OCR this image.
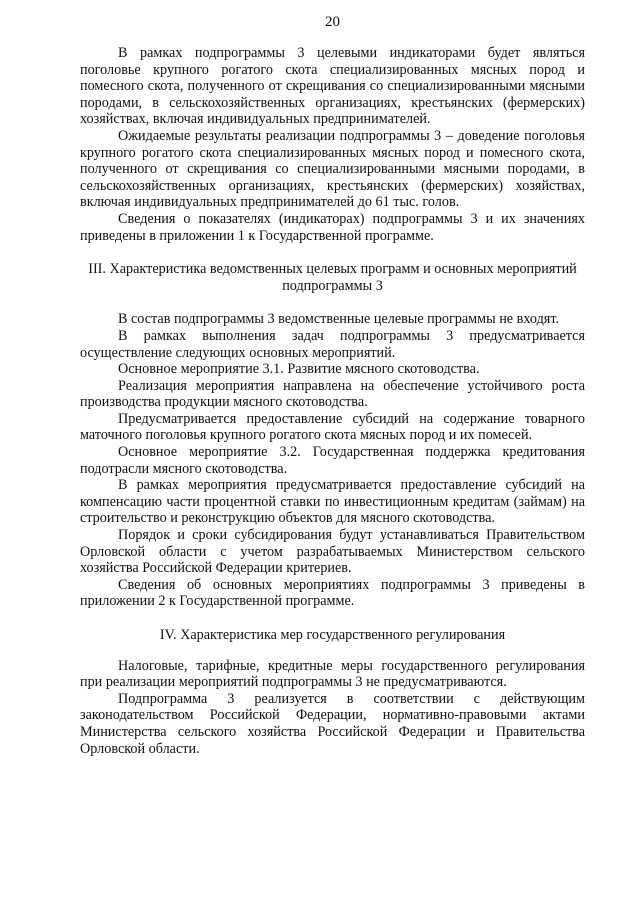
20

В рамках подпрограммы 3 целевыми индикаторами будет являться поголовье крупного рогатого скота специализированных мясных пород и помесного скота, полученного от скрещивания со специализированными мясными породами, в сельскохозяйственных организациях, крестьянских (фермерских) хозяйствах, включая индивидуальных предпринимателей.

Ожидаемые результаты реализации подпрограммы 3 – доведение поголовья крупного рогатого скота специализированных мясных пород и помесного скота, полученного от скрещивания со специализированными мясными породами, в сельскохозяйственных организациях, крестьянских (фермерских) хозяйствах, включая индивидуальных предпринимателей до 61 тыс. голов.

Сведения о показателях (индикаторах) подпрограммы 3 и их значениях приведены в приложении 1 к Государственной программе.

III. Характеристика ведомственных целевых программ и основных мероприятий подпрограммы 3

В состав подпрограммы 3 ведомственные целевые программы не входят.

В рамках выполнения задач подпрограммы 3 предусматривается осуществление следующих основных мероприятий.

Основное мероприятие 3.1. Развитие мясного скотоводства.

Реализация мероприятия направлена на обеспечение устойчивого роста производства продукции мясного скотоводства.

Предусматривается предоставление субсидий на содержание товарного маточного поголовья крупного рогатого скота мясных пород и их помесей.

Основное мероприятие 3.2. Государственная поддержка кредитования подотрасли мясного скотоводства.

В рамках мероприятия предусматривается предоставление субсидий на компенсацию части процентной ставки по инвестиционным кредитам (займам) на строительство и реконструкцию объектов для мясного скотоводства.

Порядок и сроки субсидирования будут устанавливаться Правительством Орловской области с учетом разрабатываемых Министерством сельского хозяйства Российской Федерации критериев.

Сведения об основных мероприятиях подпрограммы 3 приведены в приложении 2 к Государственной программе.

IV. Характеристика мер государственного регулирования

Налоговые, тарифные, кредитные меры государственного регулирования при реализации мероприятий подпрограммы 3 не предусматриваются.

Подпрограмма 3 реализуется в соответствии с действующим законодательством Российской Федерации, нормативно-правовыми актами Министерства сельского хозяйства Российской Федерации и Правительства Орловской области.
